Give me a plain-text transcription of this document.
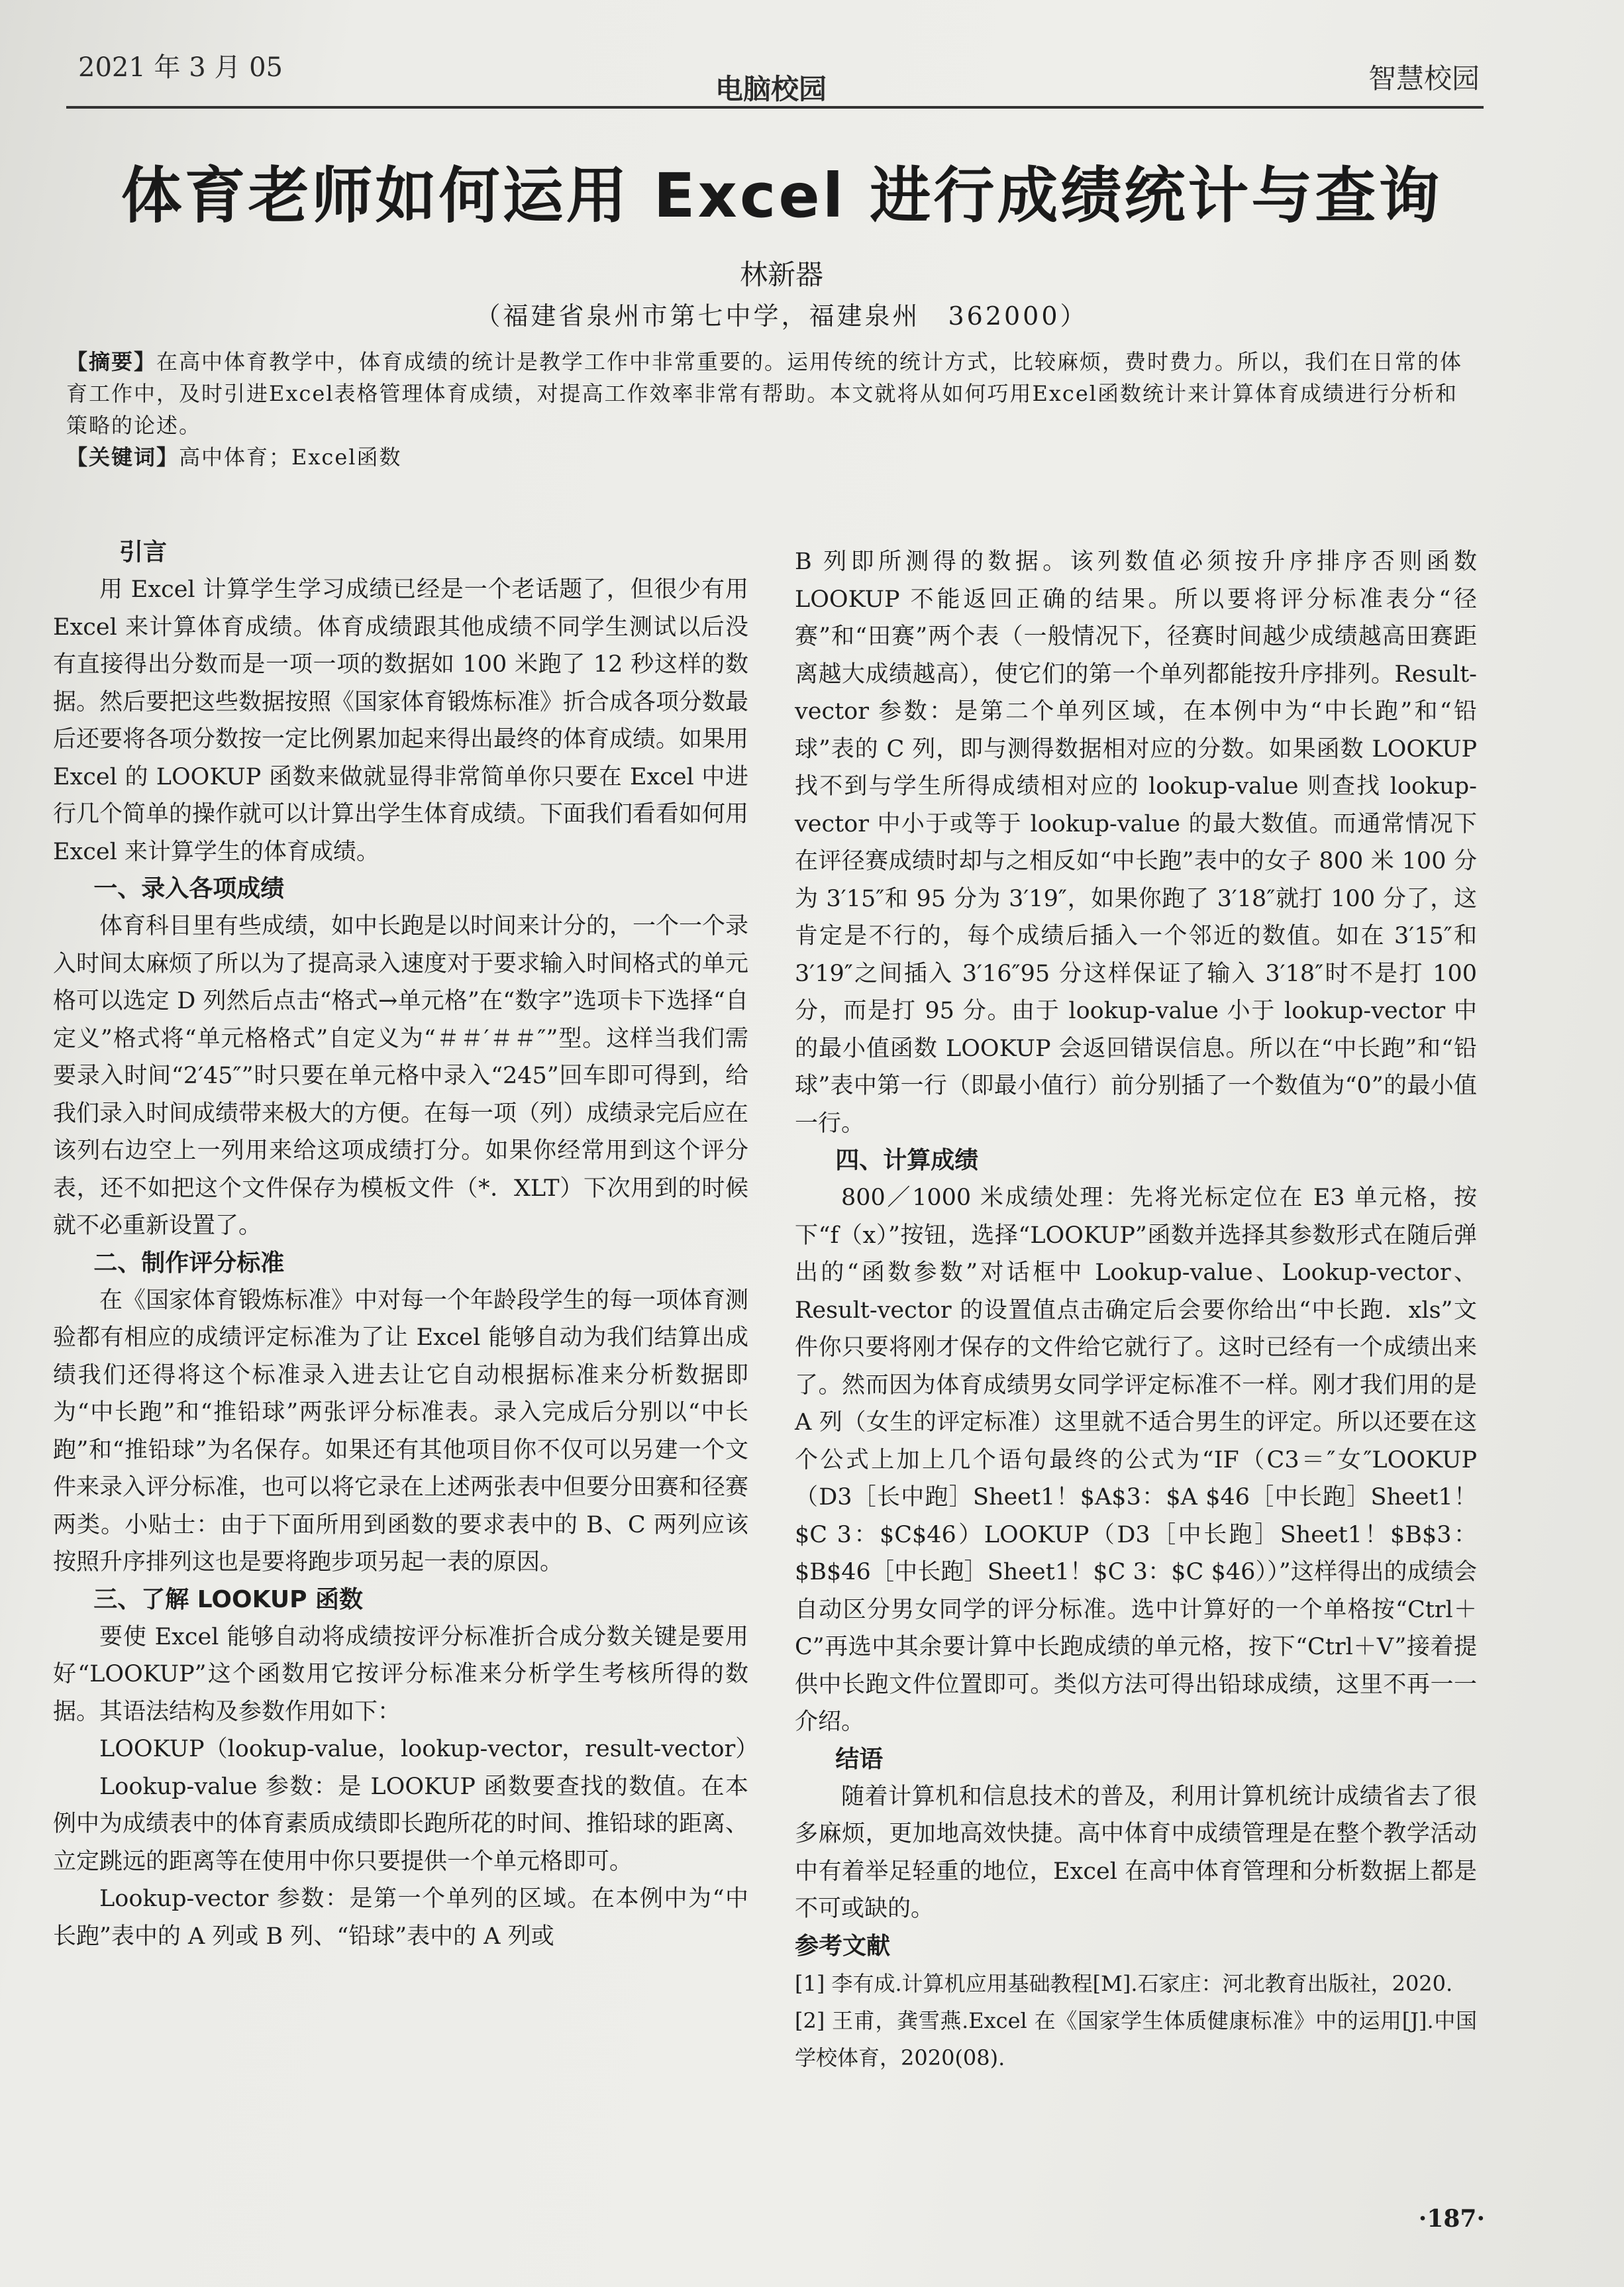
2021 年 3 月 05
电脑校园	智慧校园
体育老师如何运用 Excel 进行成绩统计与查询
林新器
（福建省泉州市第七中学，福建泉州　362000）
【摘要】在高中体育教学中，体育成绩的统计是教学工作中非常重要的。运用传统的统计方式，比较麻烦，费时费力。所以，我们在日常的体育工作中，及时引进Excel表格管理体育成绩，对提高工作效率非常有帮助。本文就将从如何巧用Excel函数统计来计算体育成绩进行分析和策略的论述。
【关键词】高中体育；Excel函数
引言

用 Excel 计算学生学习成绩已经是一个老话题了，但很少有用 Excel 来计算体育成绩。体育成绩跟其他成绩不同学生测试以后没有直接得出分数而是一项一项的数据如 100 米跑了 12 秒这样的数据。然后要把这些数据按照《国家体育锻炼标准》折合成各项分数最后还要将各项分数按一定比例累加起来得出最终的体育成绩。如果用 Excel 的 LOOKUP 函数来做就显得非常简单你只要在 Excel 中进行几个简单的操作就可以计算出学生体育成绩。下面我们看看如何用 Excel 来计算学生的体育成绩。

一、录入各项成绩

体育科目里有些成绩，如中长跑是以时间来计分的，一个一个录入时间太麻烦了所以为了提高录入速度对于要求输入时间格式的单元格可以选定 D 列然后点击“格式→单元格”在“数字”选项卡下选择“自定义”格式将“单元格格式”自定义为“＃＃′＃＃″”型。这样当我们需要录入时间“2′45″”时只要在单元格中录入“245”回车即可得到，给我们录入时间成绩带来极大的方便。在每一项（列）成绩录完后应在该列右边空上一列用来给这项成绩打分。如果你经常用到这个评分表，还不如把这个文件保存为模板文件（*．XLT）下次用到的时候就不必重新设置了。

二、制作评分标准

在《国家体育锻炼标准》中对每一个年龄段学生的每一项体育测验都有相应的成绩评定标准为了让 Excel 能够自动为我们结算出成绩我们还得将这个标准录入进去让它自动根据标准来分析数据即为“中长跑”和“推铅球”两张评分标准表。录入完成后分别以“中长跑”和“推铅球”为名保存。如果还有其他项目你不仅可以另建一个文件来录入评分标准，也可以将它录在上述两张表中但要分田赛和径赛两类。小贴士：由于下面所用到函数的要求表中的 B、C 两列应该按照升序排列这也是要将跑步项另起一表的原因。

三、了解 LOOKUP 函数

要使 Excel 能够自动将成绩按评分标准折合成分数关键是要用好“LOOKUP”这个函数用它按评分标准来分析学生考核所得的数据。其语法结构及参数作用如下：

LOOKUP（lookup-value，lookup-vector，result-vector）

Lookup-value 参数：是 LOOKUP 函数要查找的数值。在本例中为成绩表中的体育素质成绩即长跑所花的时间、推铅球的距离、立定跳远的距离等在使用中你只要提供一个单元格即可。

Lookup-vector 参数：是第一个单列的区域。在本例中为“中长跑”表中的 A 列或 B 列、“铅球”表中的 A 列或

B 列即所测得的数据。该列数值必须按升序排序否则函数 LOOKUP 不能返回正确的结果。所以要将评分标准表分“径赛”和“田赛”两个表（一般情况下，径赛时间越少成绩越高田赛距离越大成绩越高），使它们的第一个单列都能按升序排列。Result-vector 参数：是第二个单列区域，在本例中为“中长跑”和“铅球”表的 C 列，即与测得数据相对应的分数。如果函数 LOOKUP 找不到与学生所得成绩相对应的 lookup-value 则查找 lookup-vector 中小于或等于 lookup-value 的最大数值。而通常情况下在评径赛成绩时却与之相反如“中长跑”表中的女子 800 米 100 分为 3′15″和 95 分为 3′19″，如果你跑了 3′18″就打 100 分了，这肯定是不行的，每个成绩后插入一个邻近的数值。如在 3′15″和 3′19″之间插入 3′16″95 分这样保证了输入 3′18″时不是打 100 分，而是打 95 分。由于 lookup-value 小于 lookup-vector 中的最小值函数 LOOKUP 会返回错误信息。所以在“中长跑”和“铅球”表中第一行（即最小值行）前分别插了一个数值为“0”的最小值一行。

四、计算成绩

800／1000 米成绩处理：先将光标定位在 E3 单元格，按下“f（x）”按钮，选择“LOOKUP”函数并选择其参数形式在随后弹出的“函数参数”对话框中 Lookup-value、Lookup-vector、Result-vector 的设置值点击确定后会要你给出“中长跑．xls”文件你只要将刚才保存的文件给它就行了。这时已经有一个成绩出来了。然而因为体育成绩男女同学评定标准不一样。刚才我们用的是 A 列（女生的评定标准）这里就不适合男生的评定。所以还要在这个公式上加上几个语句最终的公式为“IF（C3＝″女″LOOKUP（D3［长中跑］Sheet1！$A$3：$A $46［中长跑］Sheet1！$C 3：$C$46）LOOKUP（D3［中长跑］Sheet1！$B$3：$B$46［中长跑］Sheet1！$C 3：$C $46））”这样得出的成绩会自动区分男女同学的评分标准。选中计算好的一个单格按“Ctrl＋C”再选中其余要计算中长跑成绩的单元格，按下“Ctrl＋V”接着提供中长跑文件位置即可。类似方法可得出铅球成绩，这里不再一一介绍。

结语

随着计算机和信息技术的普及，利用计算机统计成绩省去了很多麻烦，更加地高效快捷。高中体育中成绩管理是在整个教学活动中有着举足轻重的地位，Excel 在高中体育管理和分析数据上都是不可或缺的。

参考文献

[1] 李有成.计算机应用基础教程[M].石家庄：河北教育出版社，2020.

[2] 王甫，龚雪燕.Excel 在《国家学生体质健康标准》中的运用[J].中国学校体育，2020(08).

·187·
